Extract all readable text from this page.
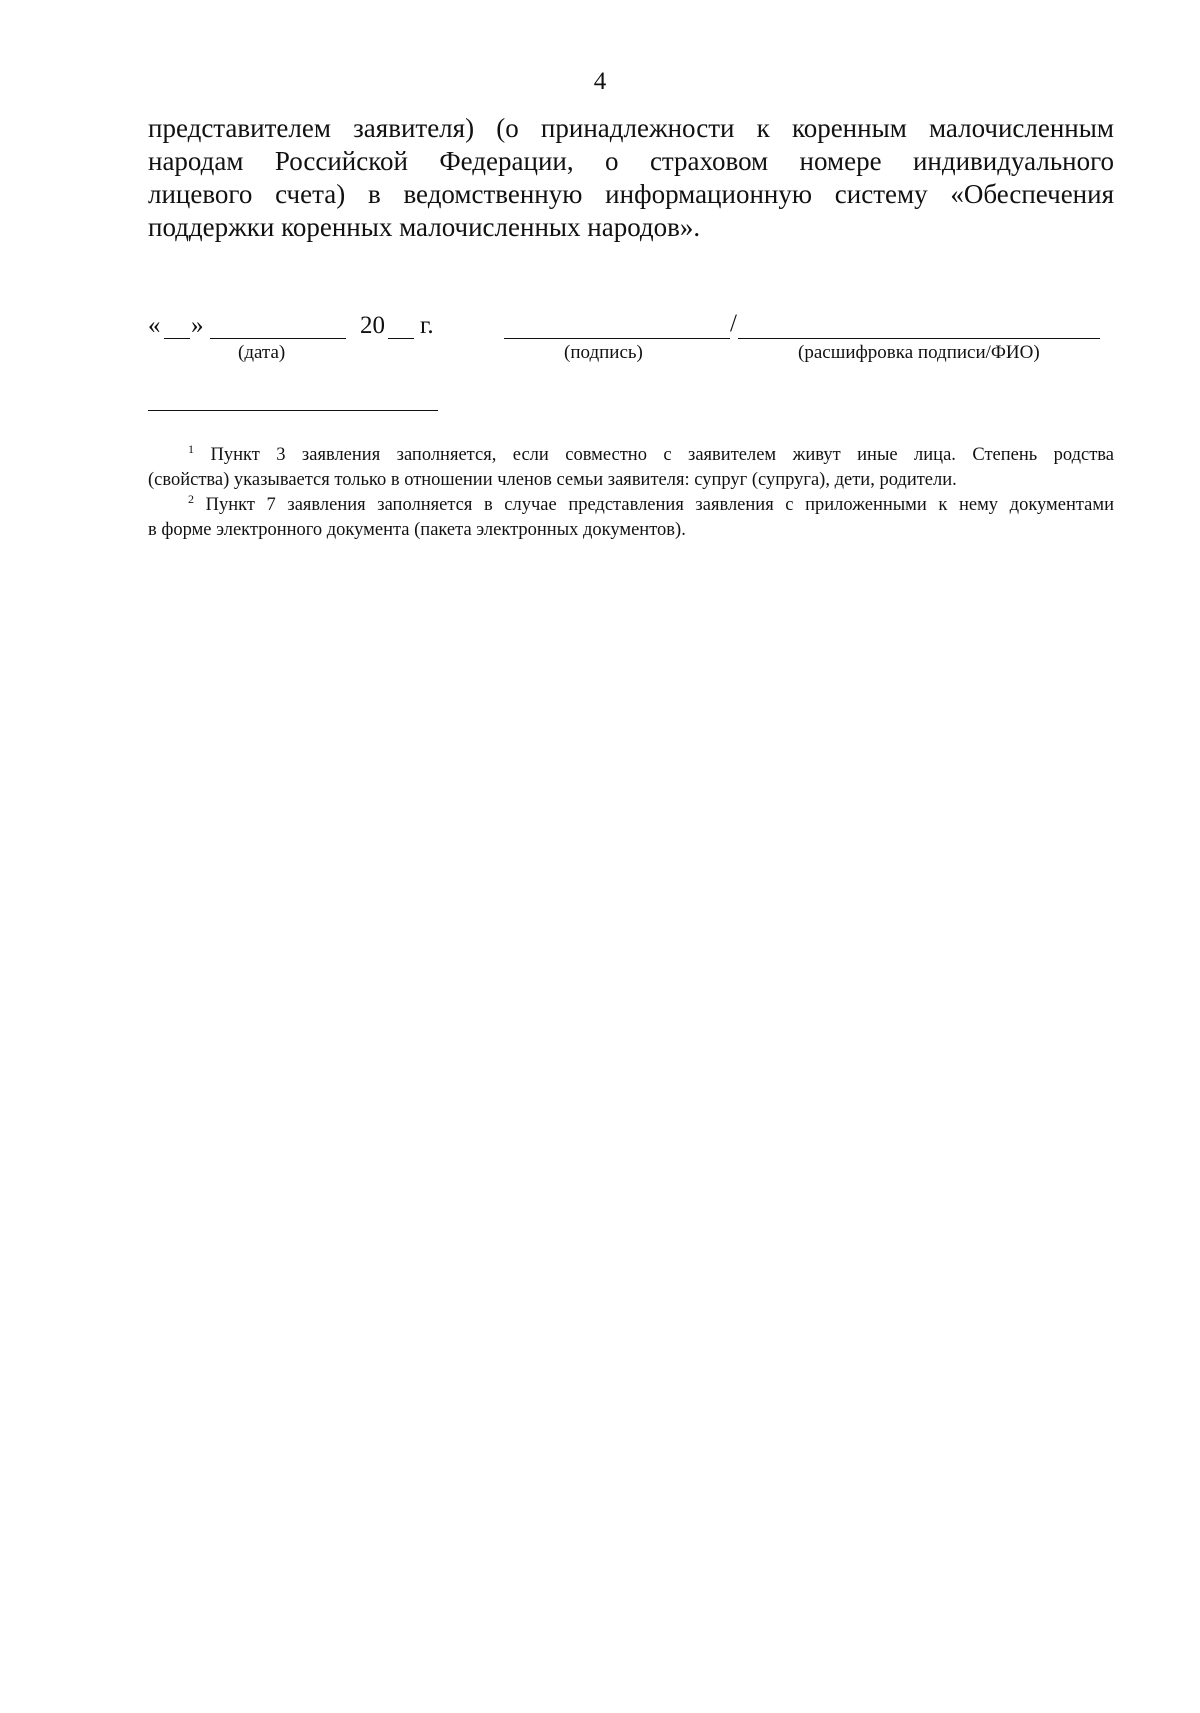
4
представителем заявителя) (о принадлежности к коренным малочисленным
народам Российской Федерации, о страховом номере индивидуального
лицевого счета) в ведомственную информационную систему «Обеспечения
поддержки коренных малочисленных народов».
« »	20 г.	/
(дата)	(подпись)	(расшифровка подписи/ФИО)
$^1$ Пункт 3 заявления заполняется, если совместно с заявителем живут иные лица. Степень родства
(свойства) указывается только в отношении членов семьи заявителя: супруг (супруга), дети, родители.
$^2$ Пункт 7 заявления заполняется в случае представления заявления с приложенными к нему документами
в форме электронного документа (пакета электронных документов).
